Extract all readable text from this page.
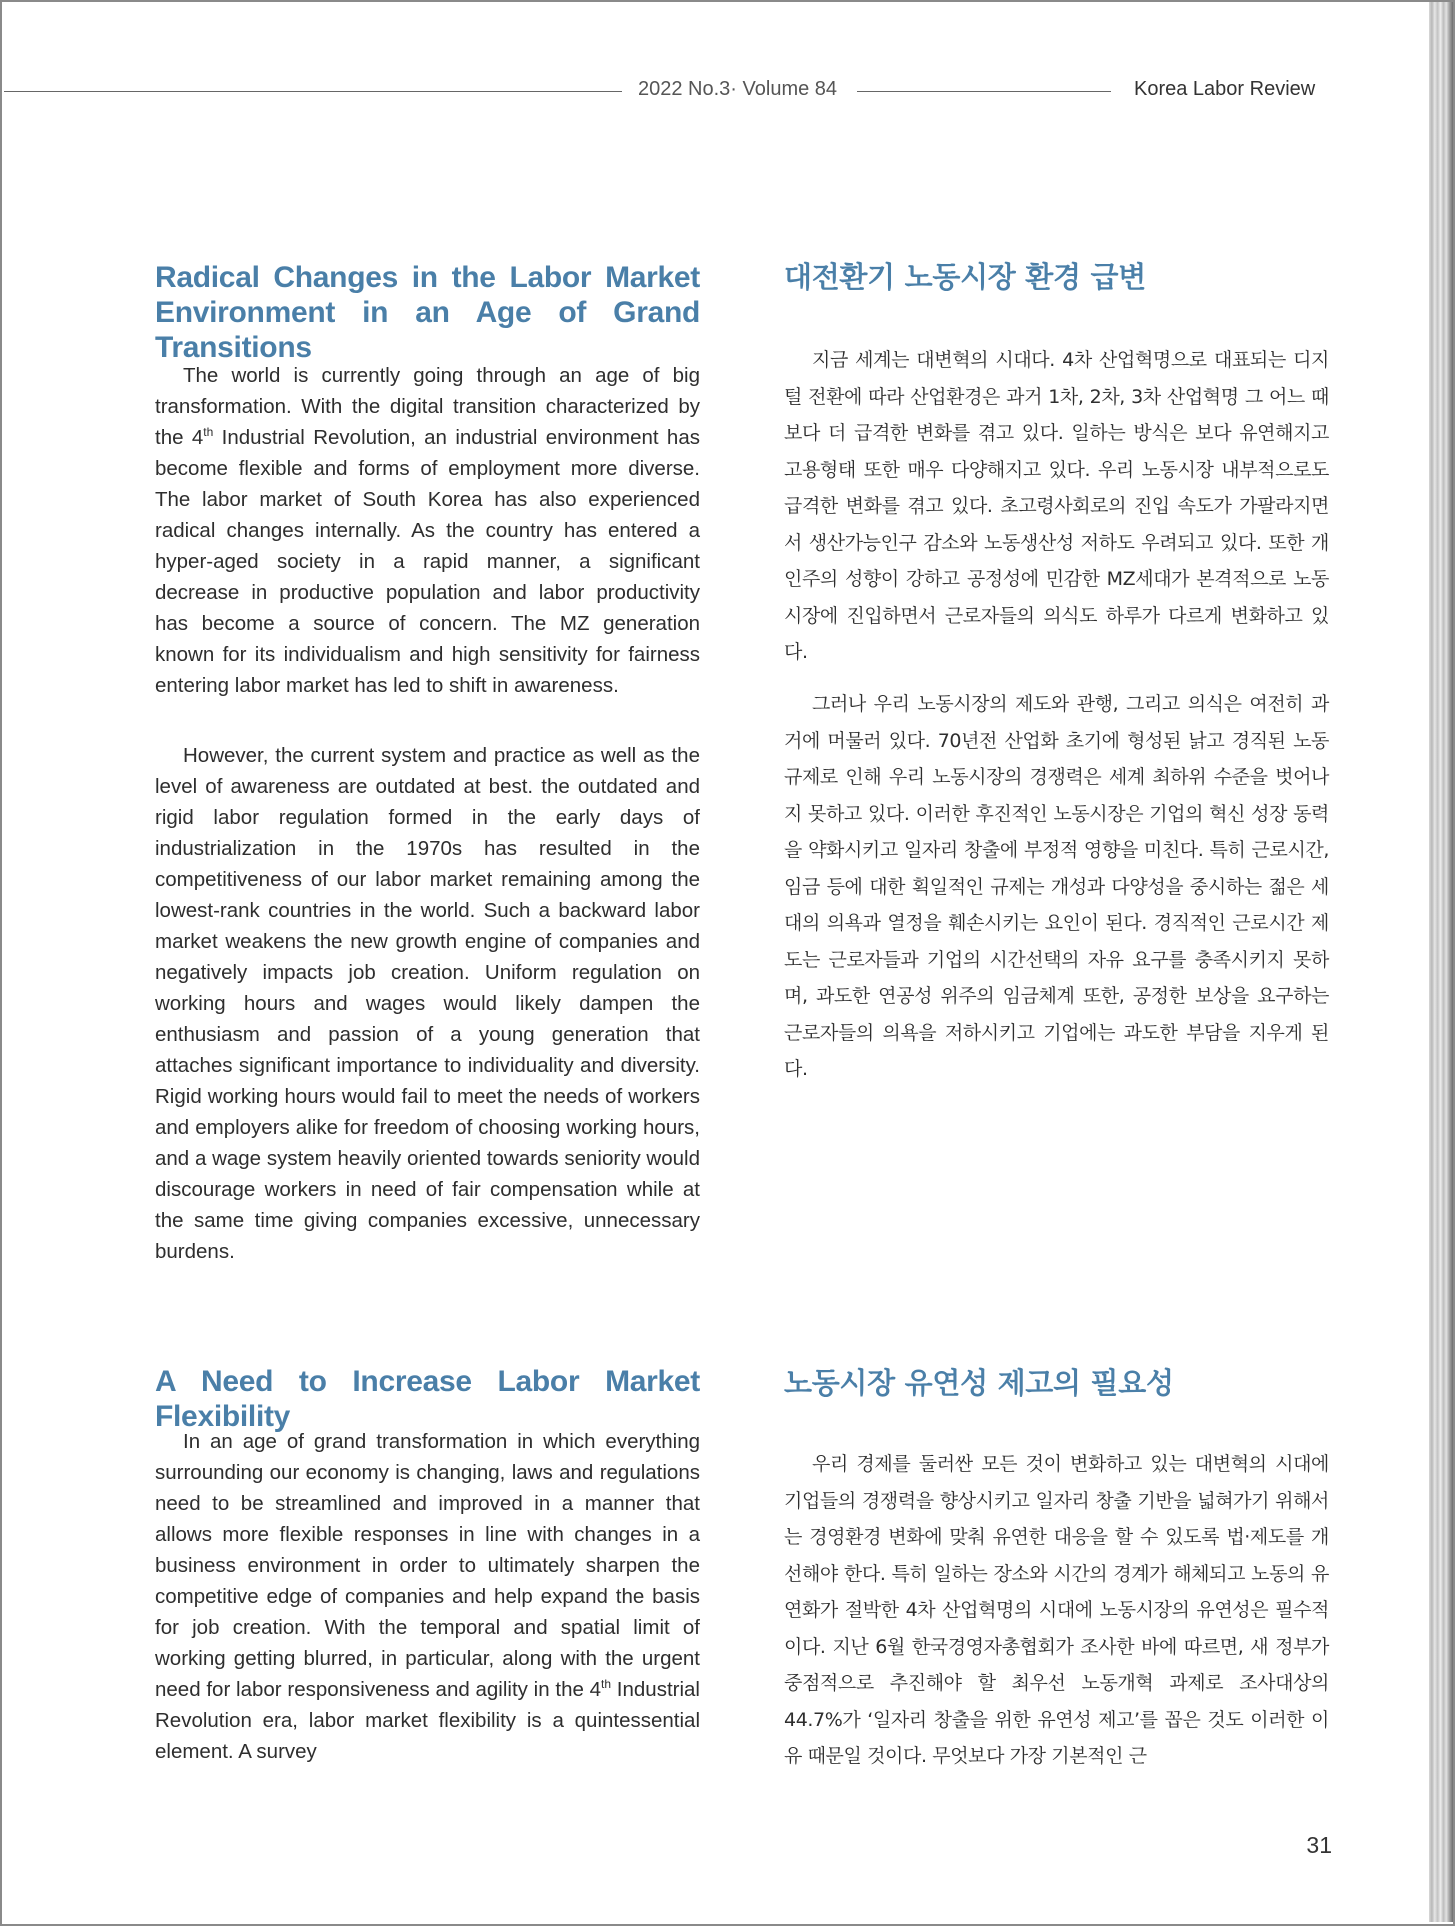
2022 No.3· Volume 84	Korea Labor Review
Radical Changes in the Labor Market Environment in an Age of Grand Transitions
대전환기 노동시장 환경 급변

The world is currently going through an age of big transformation. With the digital transition characterized by the 4th Industrial Revolution, an industrial environment has become flexible and forms of employment more diverse. The labor market of South Korea has also experienced radical changes internally. As the country has entered a hyper-aged society in a rapid manner, a significant decrease in productive population and labor productivity has become a source of concern. The MZ generation known for its individualism and high sensitivity for fairness entering labor market has led to shift in awareness.

However, the current system and practice as well as the level of awareness are outdated at best. the outdated and rigid labor regulation formed in the early days of industrialization in the 1970s has resulted in the competitiveness of our labor market remaining among the lowest-rank countries in the world. Such a backward labor market weakens the new growth engine of companies and negatively impacts job creation. Uniform regulation on working hours and wages would likely dampen the enthusiasm and passion of a young generation that attaches significant importance to individuality and diversity. Rigid working hours would fail to meet the needs of workers and employers alike for freedom of choosing working hours, and a wage system heavily oriented towards seniority would discourage workers in need of fair compensation while at the same time giving companies excessive, unnecessary burdens.

지금 세계는 대변혁의 시대다. 4차 산업혁명으로 대표되는 디지털 전환에 따라 산업환경은 과거 1차, 2차, 3차 산업혁명 그 어느 때보다 더 급격한 변화를 겪고 있다. 일하는 방식은 보다 유연해지고 고용형태 또한 매우 다양해지고 있다. 우리 노동시장 내부적으로도 급격한 변화를 겪고 있다. 초고령사회로의 진입 속도가 가팔라지면서 생산가능인구 감소와 노동생산성 저하도 우려되고 있다. 또한 개인주의 성향이 강하고 공정성에 민감한 MZ세대가 본격적으로 노동시장에 진입하면서 근로자들의 의식도 하루가 다르게 변화하고 있다.

그러나 우리 노동시장의 제도와 관행, 그리고 의식은 여전히 과거에 머물러 있다. 70년전 산업화 초기에 형성된 낡고 경직된 노동규제로 인해 우리 노동시장의 경쟁력은 세계 최하위 수준을 벗어나지 못하고 있다. 이러한 후진적인 노동시장은 기업의 혁신 성장 동력을 약화시키고 일자리 창출에 부정적 영향을 미친다. 특히 근로시간, 임금 등에 대한 획일적인 규제는 개성과 다양성을 중시하는 젊은 세대의 의욕과 열정을 훼손시키는 요인이 된다. 경직적인 근로시간 제도는 근로자들과 기업의 시간선택의 자유 요구를 충족시키지 못하며, 과도한 연공성 위주의 임금체계 또한, 공정한 보상을 요구하는 근로자들의 의욕을 저하시키고 기업에는 과도한 부담을 지우게 된다.

A Need to Increase Labor Market Flexibility
노동시장 유연성 제고의 필요성

In an age of grand transformation in which everything surrounding our economy is changing, laws and regulations need to be streamlined and improved in a manner that allows more flexible responses in line with changes in a business environment in order to ultimately sharpen the competitive edge of companies and help expand the basis for job creation. With the temporal and spatial limit of working getting blurred, in particular, along with the urgent need for labor responsiveness and agility in the 4th Industrial Revolution era, labor market flexibility is a quintessential element. A survey

우리 경제를 둘러싼 모든 것이 변화하고 있는 대변혁의 시대에 기업들의 경쟁력을 향상시키고 일자리 창출 기반을 넓혀가기 위해서는 경영환경 변화에 맞춰 유연한 대응을 할 수 있도록 법·제도를 개선해야 한다. 특히 일하는 장소와 시간의 경계가 해체되고 노동의 유연화가 절박한 4차 산업혁명의 시대에 노동시장의 유연성은 필수적이다. 지난 6월 한국경영자총협회가 조사한 바에 따르면, 새 정부가 중점적으로 추진해야 할 최우선 노동개혁 과제로 조사대상의 44.7%가 ‘일자리 창출을 위한 유연성 제고’를 꼽은 것도 이러한 이유 때문일 것이다. 무엇보다 가장 기본적인 근

31
